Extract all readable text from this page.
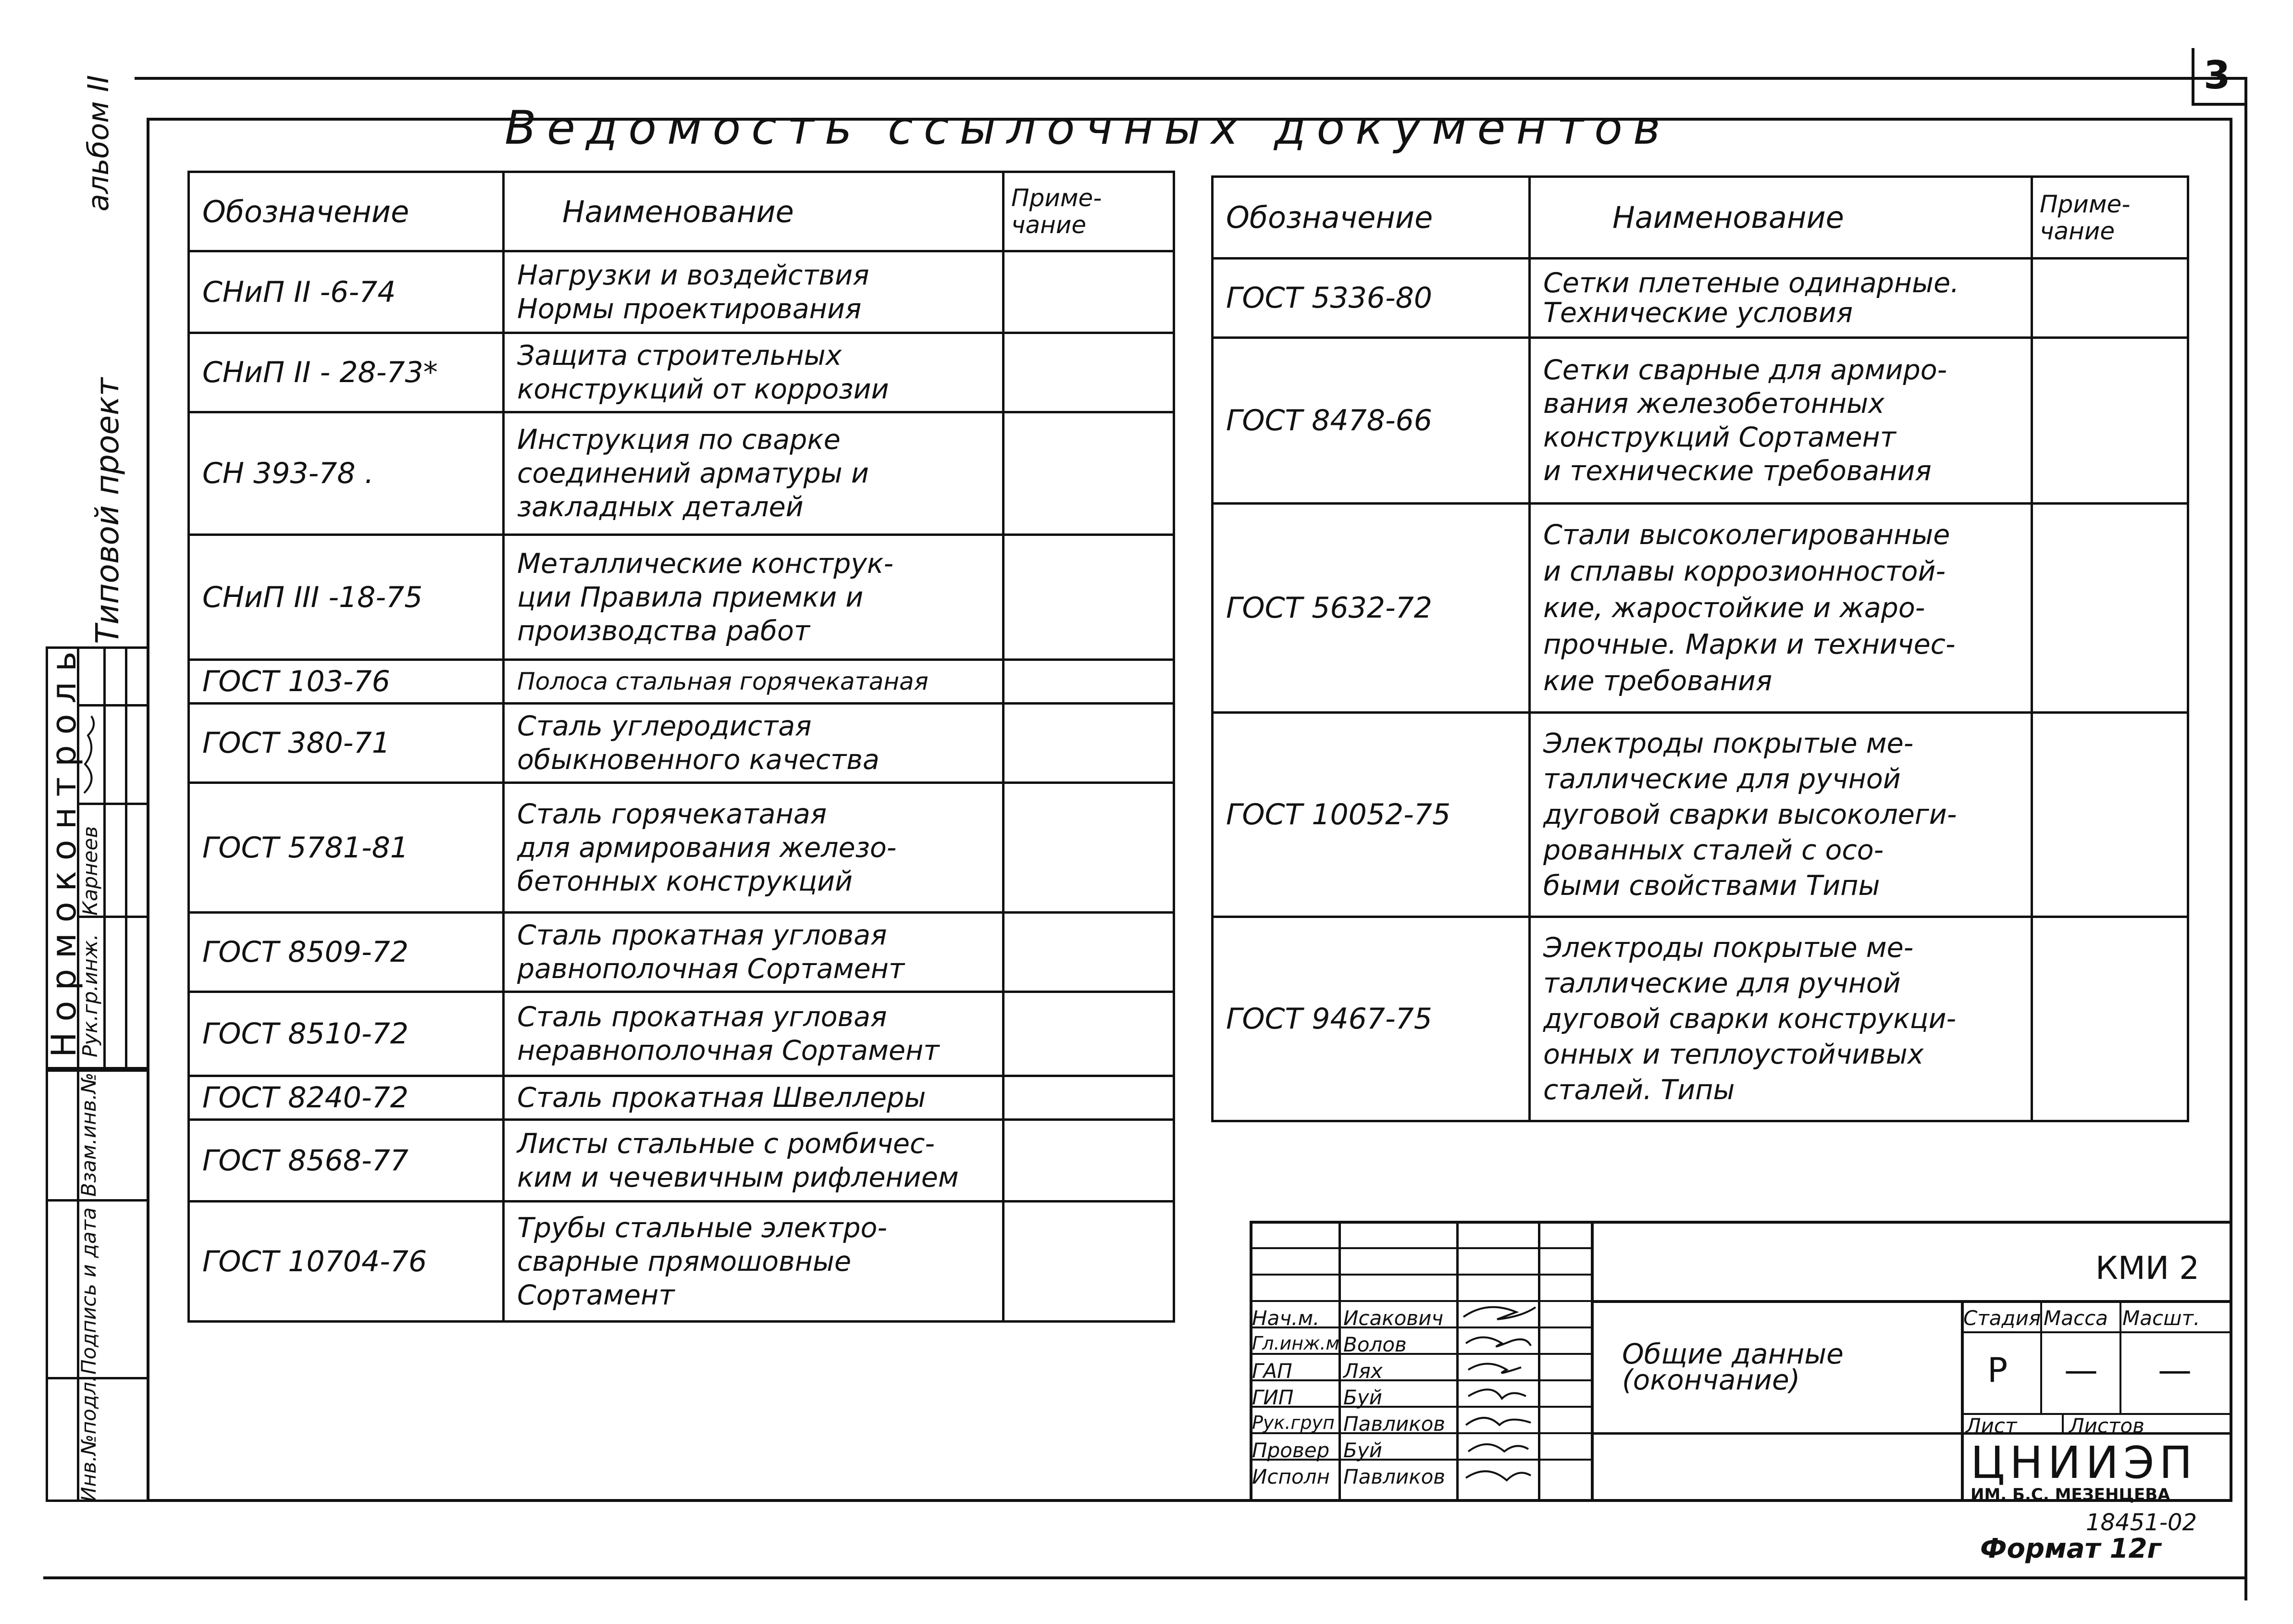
3
альбом II
Типовой проект
Ведомость ссылочных документов
Обозначение	Наименование	Приме-
чание
СНиП II -6-74	Нагрузки и воздействия
Нормы проектирования	
СНиП II - 28-73*	Защита строительных
конструкций от коррозии	
СН 393-78 .	Инструкция по сварке
соединений арматуры и
закладных деталей	
СНиП III -18-75	Металлические конструк-
ции Правила приемки и
производства работ	
ГОСТ 103-76	Полоса стальная горячекатаная	
ГОСТ 380-71	Сталь углеродистая
обыкновенного качества	
ГОСТ 5781-81	Сталь горячекатаная
для армирования железо-
бетонных конструкций	
ГОСТ 8509-72	Сталь прокатная угловая
равнополочная Сортамент	
ГОСТ 8510-72	Сталь прокатная угловая
неравнополочная Сортамент	
ГОСТ 8240-72	Сталь прокатная Швеллеры	
ГОСТ 8568-77	Листы стальные с ромбичес-
ким и чечевичным рифлением	
ГОСТ 10704-76	Трубы стальные электро-
сварные прямошовные
Сортамент	
Обозначение	Наименование	Приме-
чание
ГОСТ 5336-80	Сетки плетеные одинарные.
Технические условия	
ГОСТ 8478-66	Сетки сварные для армиро-
вания железобетонных
конструкций Сортамент
и технические требования	
ГОСТ 5632-72	Стали высоколегированные
и сплавы коррозионностой-
кие, жаростойкие и жаро-
прочные. Марки и техничес-
кие требования	
ГОСТ 10052-75	Электроды покрытые ме-
таллические для ручной
дуговой сварки высоколеги-
рованных сталей с осо-
быми свойствами Типы	
ГОСТ 9467-75	Электроды покрытые ме-
таллические для ручной
дуговой сварки конструкци-
онных и теплоустойчивых
сталей. Типы	
Нормоконтроль
Рук.гр.инж.
Карнеев
Инв.№подл.
Подпись и дата
Взам.инв.№
Нач.м. Исакович
Гл.инж.м Волов
ГАП	Лях
ГИП Буй
Рук.груп Павликов
Провер Буй
Исполн Павликов
КМИ 2
Общие данные
(окончание)
Стадия Масса Масшт.
Р — —
Лист	Листов
ЦНИИЭП
ИМ. Б.С. МЕЗЕНЦЕВА
18451-02
Формат 12г
